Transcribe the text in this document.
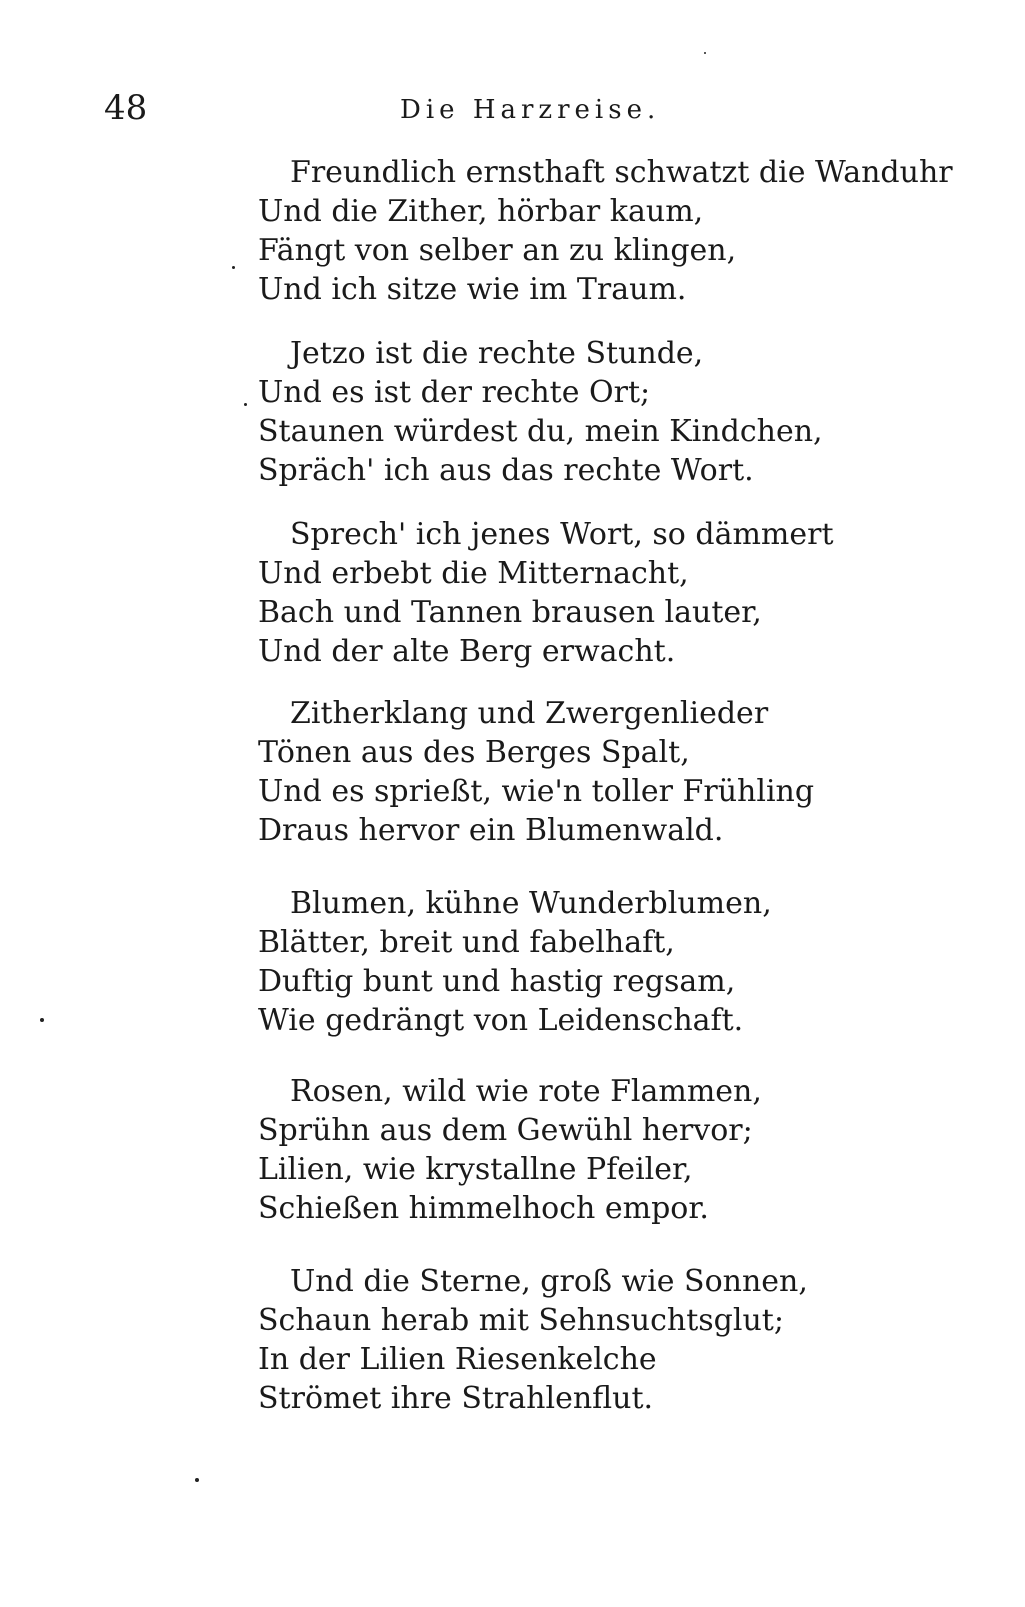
48	Die Harzreise.
Freundlich ernsthaft schwatzt die Wanduhr
Und die Zither, hörbar kaum,
Fängt von selber an zu klingen,
Und ich sitze wie im Traum.
Jetzo ist die rechte Stunde,
Und es ist der rechte Ort;
Staunen würdest du, mein Kindchen,
Spräch' ich aus das rechte Wort.
Sprech' ich jenes Wort, so dämmert
Und erbebt die Mitternacht,
Bach und Tannen brausen lauter,
Und der alte Berg erwacht.
Zitherklang und Zwergenlieder
Tönen aus des Berges Spalt,
Und es sprießt, wie'n toller Frühling
Draus hervor ein Blumenwald.
Blumen, kühne Wunderblumen,
Blätter, breit und fabelhaft,
Duftig bunt und hastig regsam,
Wie gedrängt von Leidenschaft.
Rosen, wild wie rote Flammen,
Sprühn aus dem Gewühl hervor;
Lilien, wie krystallne Pfeiler,
Schießen himmelhoch empor.
Und die Sterne, groß wie Sonnen,
Schaun herab mit Sehnsuchtsglut;
In der Lilien Riesenkelche
Strömet ihre Strahlenflut.
